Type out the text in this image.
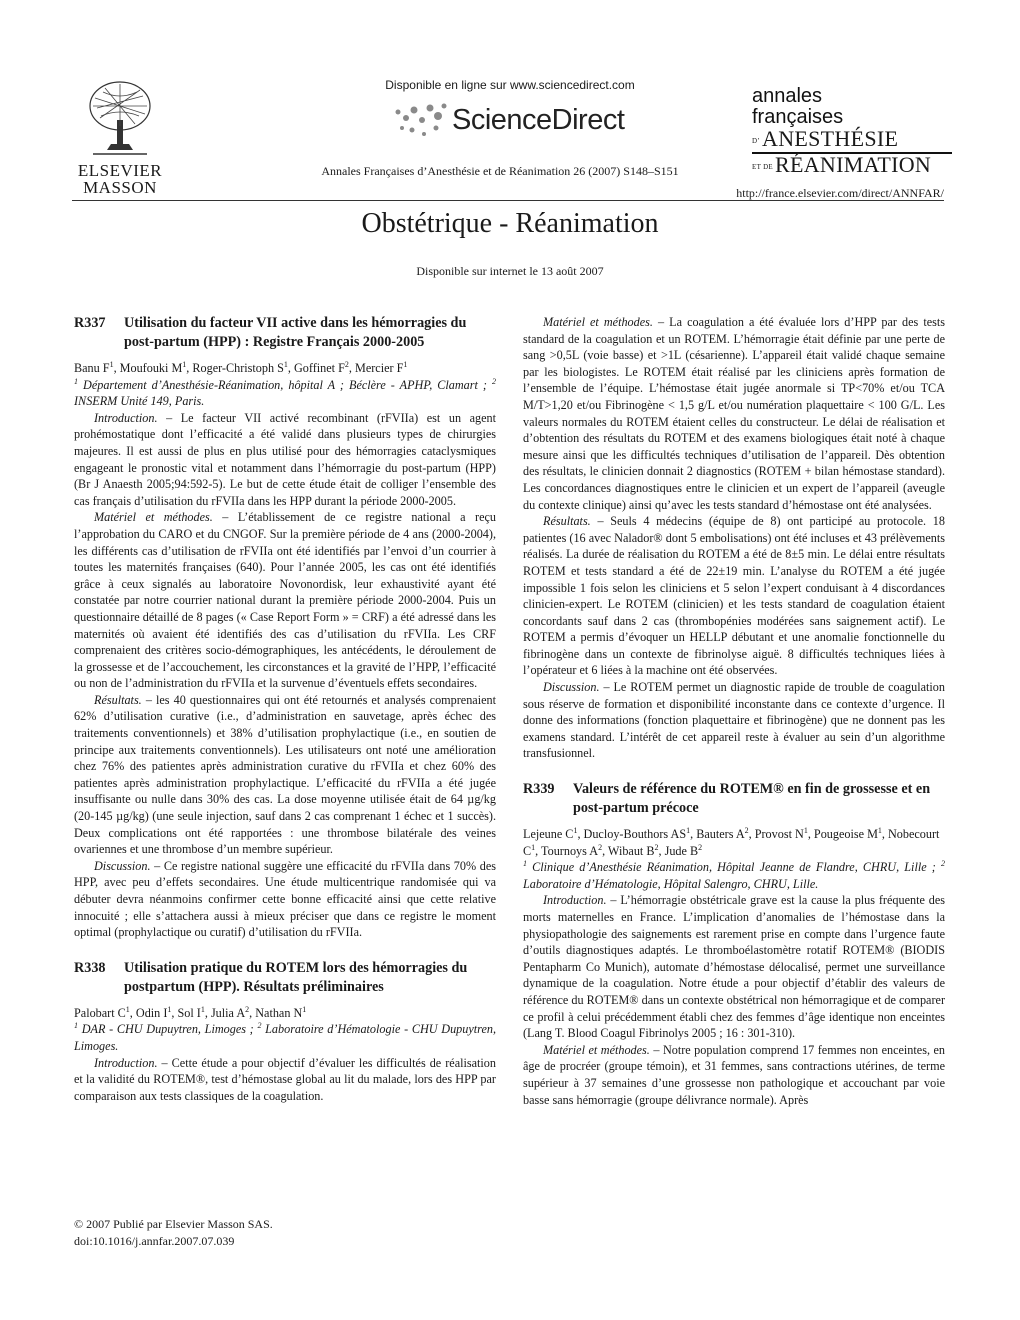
ELSEVIER
MASSON
Disponible en ligne sur www.sciencedirect.com
ScienceDirect
Annales Françaises d’Anesthésie et de Réanimation 26 (2007) S148–S151
annales
françaises
D’ANESTHÉSIE
ET DERÉANIMATION
http://france.elsevier.com/direct/ANNFAR/
Obstétrique - Réanimation
Disponible sur internet le 13 août 2007
R337	Utilisation du facteur VII active dans les hémorragies du post-partum (HPP) : Registre Français 2000-2005

Banu $F^1$, Moufouki $M^1$, Roger-Christoph $S^1$, Goffinet $F^2$, Mercier $F^1$

$^1$ Département d’Anesthésie-Réanimation, hôpital A ; Béclère - APHP, Clamart ; $^2$ INSERM Unité 149, Paris.

Introduction. – Le facteur VII activé recombinant (rFVIIa) est un agent prohémostatique dont l’efficacité a été validé dans plusieurs types de chirurgies majeures. Il est aussi de plus en plus utilisé pour des hémorragies cataclysmiques engageant le pronostic vital et notamment dans l’hémorragie du post-partum (HPP) (Br J Anaesth 2005;94:592-5). Le but de cette étude était de colliger l’ensemble des cas français d’utilisation du rFVIIa dans les HPP durant la période 2000-2005.

Matériel et méthodes. – L’établissement de ce registre national a reçu l’approbation du CARO et du CNGOF. Sur la première période de 4 ans (2000-2004), les différents cas d’utilisation de rFVIIa ont été identifiés par l’envoi d’un courrier à toutes les maternités françaises (640). Pour l’année 2005, les cas ont été identifiés grâce à ceux signalés au laboratoire Novonordisk, leur exhaustivité ayant été constatée par notre courrier national durant la première période 2000-2004. Puis un questionnaire détaillé de 8 pages (« Case Report Form » = CRF) a été adressé dans les maternités où avaient été identifiés des cas d’utilisation du rFVIIa. Les CRF comprenaient des critères socio-démographiques, les antécédents, le déroulement de la grossesse et de l’accouchement, les circonstances et la gravité de l’HPP, l’efficacité ou non de l’administration du rFVIIa et la survenue d’éventuels effets secondaires.

Résultats. – les 40 questionnaires qui ont été retournés et analysés comprenaient 62% d’utilisation curative (i.e., d’administration en sauvetage, après échec des traitements conventionnels) et 38% d’utilisation prophylactique (i.e., en soutien de principe aux traitements conventionnels). Les utilisateurs ont noté une amélioration chez 76% des patientes après administration curative du rFVIIa et chez 60% des patientes après administration prophylactique. L’efficacité du rFVIIa a été jugée insuffisante ou nulle dans 30% des cas. La dose moyenne utilisée était de 64 µg/kg (20-145 µg/kg) (une seule injection, sauf dans 2 cas comprenant 1 échec et 1 succès). Deux complications ont été rapportées : une thrombose bilatérale des veines ovariennes et une thrombose d’un membre supérieur.

Discussion. – Ce registre national suggère une efficacité du rFVIIa dans 70% des HPP, avec peu d’effets secondaires. Une étude multicentrique randomisée qui va débuter devra néanmoins confirmer cette bonne efficacité ainsi que cette relative innocuité ; elle s’attachera aussi à mieux préciser que dans ce registre le moment optimal (prophylactique ou curatif) d’utilisation du rFVIIa.

R338	Utilisation pratique du ROTEM lors des hémorragies du postpartum (HPP). Résultats préliminaires

Palobart $C^1$, Odin $I^1$, Sol $I^1$, Julia $A^2$, Nathan $N^1$

$^1$ DAR - CHU Dupuytren, Limoges ; $^2$ Laboratoire d’Hématologie - CHU Dupuytren, Limoges.

Introduction. – Cette étude a pour objectif d’évaluer les difficultés de réalisation et la validité du ROTEM®, test d’hémostase global au lit du malade, lors des HPP par comparaison aux tests classiques de la coagulation.

Matériel et méthodes. – La coagulation a été évaluée lors d’HPP par des tests standard de la coagulation et un ROTEM. L’hémorragie était définie par une perte de sang >0,5L (voie basse) et >1L (césarienne). L’appareil était validé chaque semaine par les biologistes. Le ROTEM était réalisé par les cliniciens après formation de l’ensemble de l’équipe. L’hémostase était jugée anormale si TP<70% et/ou TCA M/T>1,20 et/ou Fibrinogène < 1,5 g/L et/ou numération plaquettaire < 100 G/L. Les valeurs normales du ROTEM étaient celles du constructeur. Le délai de réalisation et d’obtention des résultats du ROTEM et des examens biologiques était noté à chaque mesure ainsi que les difficultés techniques d’utilisation de l’appareil. Dès obtention des résultats, le clinicien donnait 2 diagnostics (ROTEM + bilan hémostase standard). Les concordances diagnostiques entre le clinicien et un expert de l’appareil (aveugle du contexte clinique) ainsi qu’avec les tests standard d’hémostase ont été analysées.

Résultats. – Seuls 4 médecins (équipe de 8) ont participé au protocole. 18 patientes (16 avec Nalador® dont 5 embolisations) ont été incluses et 43 prélèvements réalisés. La durée de réalisation du ROTEM a été de 8±5 min. Le délai entre résultats ROTEM et tests standard a été de 22±19 min. L’analyse du ROTEM a été jugée impossible 1 fois selon les cliniciens et 5 selon l’expert conduisant à 4 discordances clinicien-expert. Le ROTEM (clinicien) et les tests standard de coagulation étaient concordants sauf dans 2 cas (thrombopénies modérées sans saignement actif). Le ROTEM a permis d’évoquer un HELLP débutant et une anomalie fonctionnelle du fibrinogène dans un contexte de fibrinolyse aiguë. 8 difficultés techniques liées à l’opérateur et 6 liées à la machine ont été observées.

Discussion. – Le ROTEM permet un diagnostic rapide de trouble de coagulation sous réserve de formation et disponibilité inconstante dans ce contexte d’urgence. Il donne des informations (fonction plaquettaire et fibrinogène) que ne donnent pas les examens standard. L’intérêt de cet appareil reste à évaluer au sein d’un algorithme transfusionnel.

R339	Valeurs de référence du ROTEM® en fin de grossesse et en post-partum précoce

Lejeune $C^1$, Ducloy-Bouthors $AS^1$, Bauters $A^2$, Provost $N^1$, Pougeoise $M^1$, Nobecourt $C^1$, Tournoys $A^2$, Wibaut $B^2$, Jude $B^2$

$^1$ Clinique d’Anesthésie Réanimation, Hôpital Jeanne de Flandre, CHRU, Lille ; $^2$ Laboratoire d’Hématologie, Hôpital Salengro, CHRU, Lille.

Introduction. – L’hémorragie obstétricale grave est la cause la plus fréquente des morts maternelles en France. L’implication d’anomalies de l’hémostase dans la physiopathologie des saignements est rarement prise en compte dans l’urgence faute d’outils diagnostiques adaptés. Le thromboélastomètre rotatif ROTEM® (BIODIS Pentapharm Co Munich), automate d’hémostase délocalisé, permet une surveillance dynamique de la coagulation. Notre étude a pour objectif d’établir des valeurs de référence du ROTEM® dans un contexte obstétrical non hémorragique et de comparer ce profil à celui précédemment établi chez des femmes d’âge identique non enceintes (Lang T. Blood Coagul Fibrinolys 2005 ; 16 : 301-310).

Matériel et méthodes. – Notre population comprend 17 femmes non enceintes, en âge de procréer (groupe témoin), et 31 femmes, sans contractions utérines, de terme supérieur à 37 semaines d’une grossesse non pathologique et accouchant par voie basse sans hémorragie (groupe délivrance normale). Après

© 2007 Publié par Elsevier Masson SAS.
doi:10.1016/j.annfar.2007.07.039
